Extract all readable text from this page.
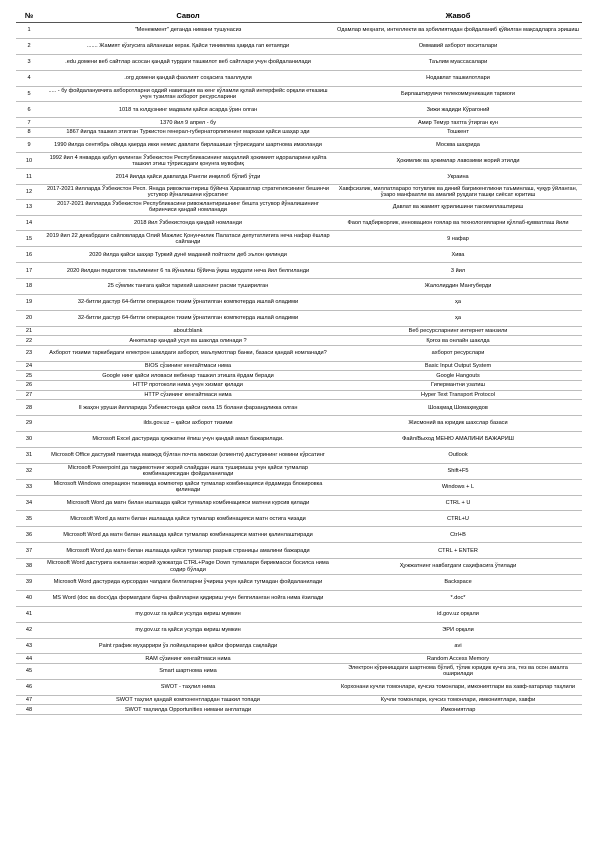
№	Савол	Жавоб
1	"Менежмент" деганда нимани тушунасиз	Одамлар меҳнати, интеллекти ва ҳобилиятидан фойдаланиб қўйилган мақсадларга эришиш
2	....... Жамият кўзгусига айланиши керак. Қайси тинимлма ҳақида гап кетаяпди	Оммавий ахборот воситалари
3	.edu домени веб сайтлар асосан қандай турдаги ташкилот веб сайтлари учун фойдаланилади	Таълим муассасалари
4	.org домени қандай фаолият соҳасига тааллуқли	Нодавлат ташкилотлари
5	..... - бу фойдаланувчига ахборотларни оддий навигация ва кенг кўламли қулай интерфейс орқали етказиш учун тузилган ахборот ресурсларини	Бирлаштирувчи телекоммуникация тармоғи
6	1018 та юлдузнинг мадвали қайси асарда ўрин олган	Зижи жадиди Кўрагоний
7	1370 йил 9 апрел - бу	Амир Темур тахтга ўтирган кун
8	1867 йилда ташкил этилган Туркистон генерал-губернаторлигининг маркази қайси шаҳар эди	Тошкент
9	1990 йилда сентябрь ойида қаерда икки немис давлати бирлашиши тўғрисидаги шартнома имзоланди	Москва шаҳрида
10	1992 йил 4 январда қабул қилинган Ўзбекистон Республикасининг маҳаллий ҳокимият идораларини қайта ташкил этиш тўғрисидаги қонунга мувофиқ	Ҳокимлик ва ҳокимлар лавозими жорий этилди
11	2014 йилда қайси давлатда Рангли инқилоб бўлиб ўтди	Украина
12	2017-2021 йилларда Ўзбекистон Респ. Янада ривожлантириш бўйича Ҳаракатлар стратегиясининг бешинчи устувор йўналишини кўрсатинг	Хавфсизлик, миллатлараро тотувлик ва диний бағрикенгликни таъминлаш, чуқур ўйланган, ўзаро манфаатли ва амалий руҳдаги ташқи сиёсат юритиш
13	2017-2021 йилларда Ўзбекистон Республикасини ривожлантиришнинг бешта устувор йўналишининг биринчиси қандай номланади	Давлат ва жамият қурилишини такомиллаштириш
14	2018 йил Ўзбекистонда қандай номланди	Фаол тадбиркорлик, инновацион ғоялар ва технологияларни қўллаб-қувватлаш йили
15	2019 йил 22 декабрдаги сайловларда Олий Мажлис Қонунчилик Палатаси депутатлигига неча нафар ёшлар сайланди	9 нафар
16	2020 йилда қайси шаҳар Туркий дунё маданий пойтахти деб эълон қилинди	Хива
17	2020 йилдан педагогик таълимнинг 6 та йўналиш бўйича ўқиш муддати неча йил белгиланди	3 йил
18	25 сўмлик тангага қайси тарихий шахснинг расми туширилган	Жалолиддин Мангуберди
19	32-битли дастур 64-битли операцион тизим ўрнатилган компютерда ишлай оладими	ҳа
20	32-битли дастур 64-битли операцион тизим ўрнатилган компютерда ишлай оладими	ҳа
21	about:blank	Веб ресурсларнинг интернет манзили
22	Анкеталар қандай усул ва шаклда олинади ?	Қоғоз ва онлайн шаклда
23	Ахборот тизими таркибидаги електрон шаклдаги ахборот, маълумотлар банки, базаси қандай номланади?	ахборот ресурслари
24	BIOS сўзининг кенгайтмаси нима	Basic Input Output System
25	Google нинг қайси иловаси вебинар ташкил этишга ёрдам беради	Google Hangouts
26	HTTP протоколи нима учун хизмат қилади	Гипермантни узатиш
27	HTTP сўзининг кенгайтмаси нима	Hyper Text Transport Protocol
28	II жаҳон уруши йилларида Ўзбекистонда қайси оила 15 болани фарзандликка олган	Шоаҳмад Шомаҳмудов
29	ilds.gov.uz – қайси ахборот тизими	Жисмоний ва юридик шахслар базаси
30	Microsoft Excel дастурида ҳужжатни ёпиш учун қандай амал бажарилади.	Файл/Выход МЕНЮ АМАЛИНИ БАЖАРИШ
31	Microsoft Office дастурий пакетида мавжуд бўлган почта мижози (клиенти) дастурининг номини кўрсатинг	Outlook
32	Microsoft Powerpoint да тақдимотнинг жорий слайддан ишга туширишш учун қайси тугмалар комбинациясидан фойдаланилади	Shift+F5
33	Microsoft Windows операцион тизимида компютер қайси тугмалар комбинацияси ёрдамида блокировка қилинади	Windows + L
34	Microsoft Word да матн билан ишлашда қайси тугмалар комбинацияси матнни курсив қилади	CTRL + U
35	Microsoft Word да матн билан ишлашда қайси тугмалар комбинацияси матн остига чизади	CTRL+U
36	Microsoft Word да матн билан ишлашда қайси тугмалар комбинацияси матнни қалинлаштиради	Ctrl+B
37	Microsoft Word да матн билан ишлашда қайси тугмалар разрыв страницы амалини бажаради	CTRL + ENTER
38	Microsoft Word дастурига юкланган жорий ҳужжатда CTRL+Page Down тугмалари бирикмасси босилса нима содир бўлади	Ҳужжатнинг навбатдаги саҳифасига ўтилади
39	Microsoft Word дастурида курсордан чапдаги белгиларни ўчириш учун қайси тугмадан фойдаланилади	Backspace
40	MS Word (doc ва docx)да форматдаги барча файлларни қидириш учун белгиланган нойга нима ёзилади	*.doc*
41	my.gov.uz га қайси усулда кириш мумкин	id.gov.uz орқали
42	my.gov.uz га қайси усулда кириш мумкин	ЭРИ орқали
43	Paint график муҳаррири ўз лойиҳаларини қайси форматда сақлайди	avi
44	RAM сўзининг кенгайтмаси нима	Random Access Memory
45	Smart шартнома нима	Электрон кўринишдаги шартнома бўлиб, тўлик юридик кучга эга, тез ва осон амалга оширилади
46	SWOT - таҳлил нима	Корхонани кучли томонлари, кучсиз томонлари, имкониятлари ва хавф-хатарлар таҳлили
47	SWOT таҳлил қандай компонентлардан ташкил топади	Кучли томонлари, кучсиз томонлари, имкониятлари, хавфи
48	SWOT таҳлилда Opportunities нимани англатади	Имкониятлар
